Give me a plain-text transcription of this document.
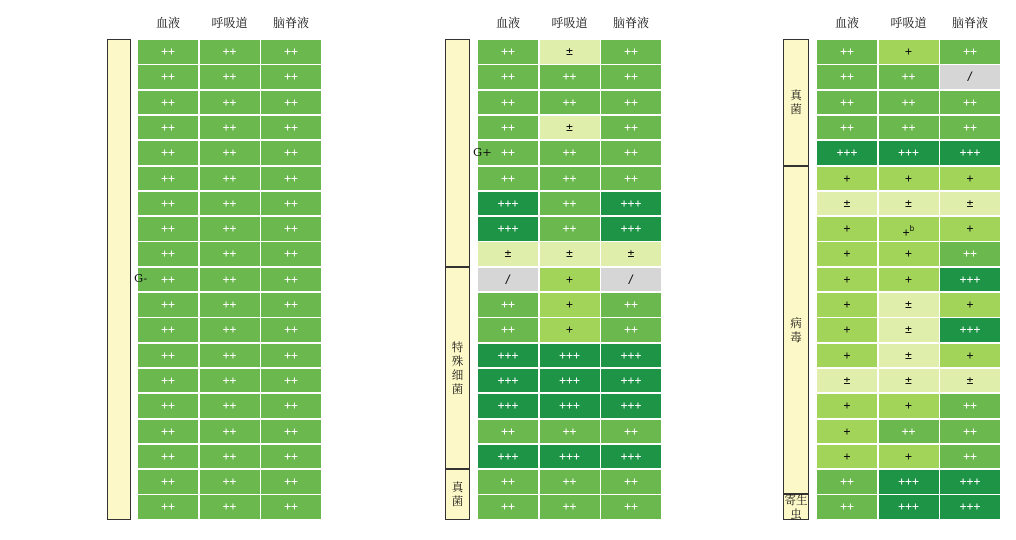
血液	呼吸道	脑脊液
++	++	++
++	++	++
++	++	++
++	++	++
++	++	++
++	++	++
++	++	++
++	++	++
++	++	++
++	++	++
++	++	++
++	++	++
++	++	++
++	++	++
++	++	++
++	++	++
++	++	++
++	++	++
++	++	++
G-
血液	呼吸道	脑脊液
++	±	++
++	++	++
++	++	++
++	±	++
++	++	++
++	++	++
+++	++	+++
+++	++	+++
±	±	±
/	+	/
++	+	++
++	+	++
+++	+++	+++
+++	+++	+++
+++	+++	+++
++	++	++
+++	+++	+++
++	++	++
++	++	++
G+
特
殊
细
菌
真
菌
血液	呼吸道	脑脊液
++	+	++
++	++	/
++	++	++
++	++	++
+++	+++	+++
+	+	+
±	±	±
+	+$^b$	+
+	+	++
+	+	+++
+	±	+
+	±	+++
+	±	+
±	±	±
+	+	++
+	++	++
+	+	++
++	+++	+++
++	+++	+++
真
菌
病
毒
寄生
虫
